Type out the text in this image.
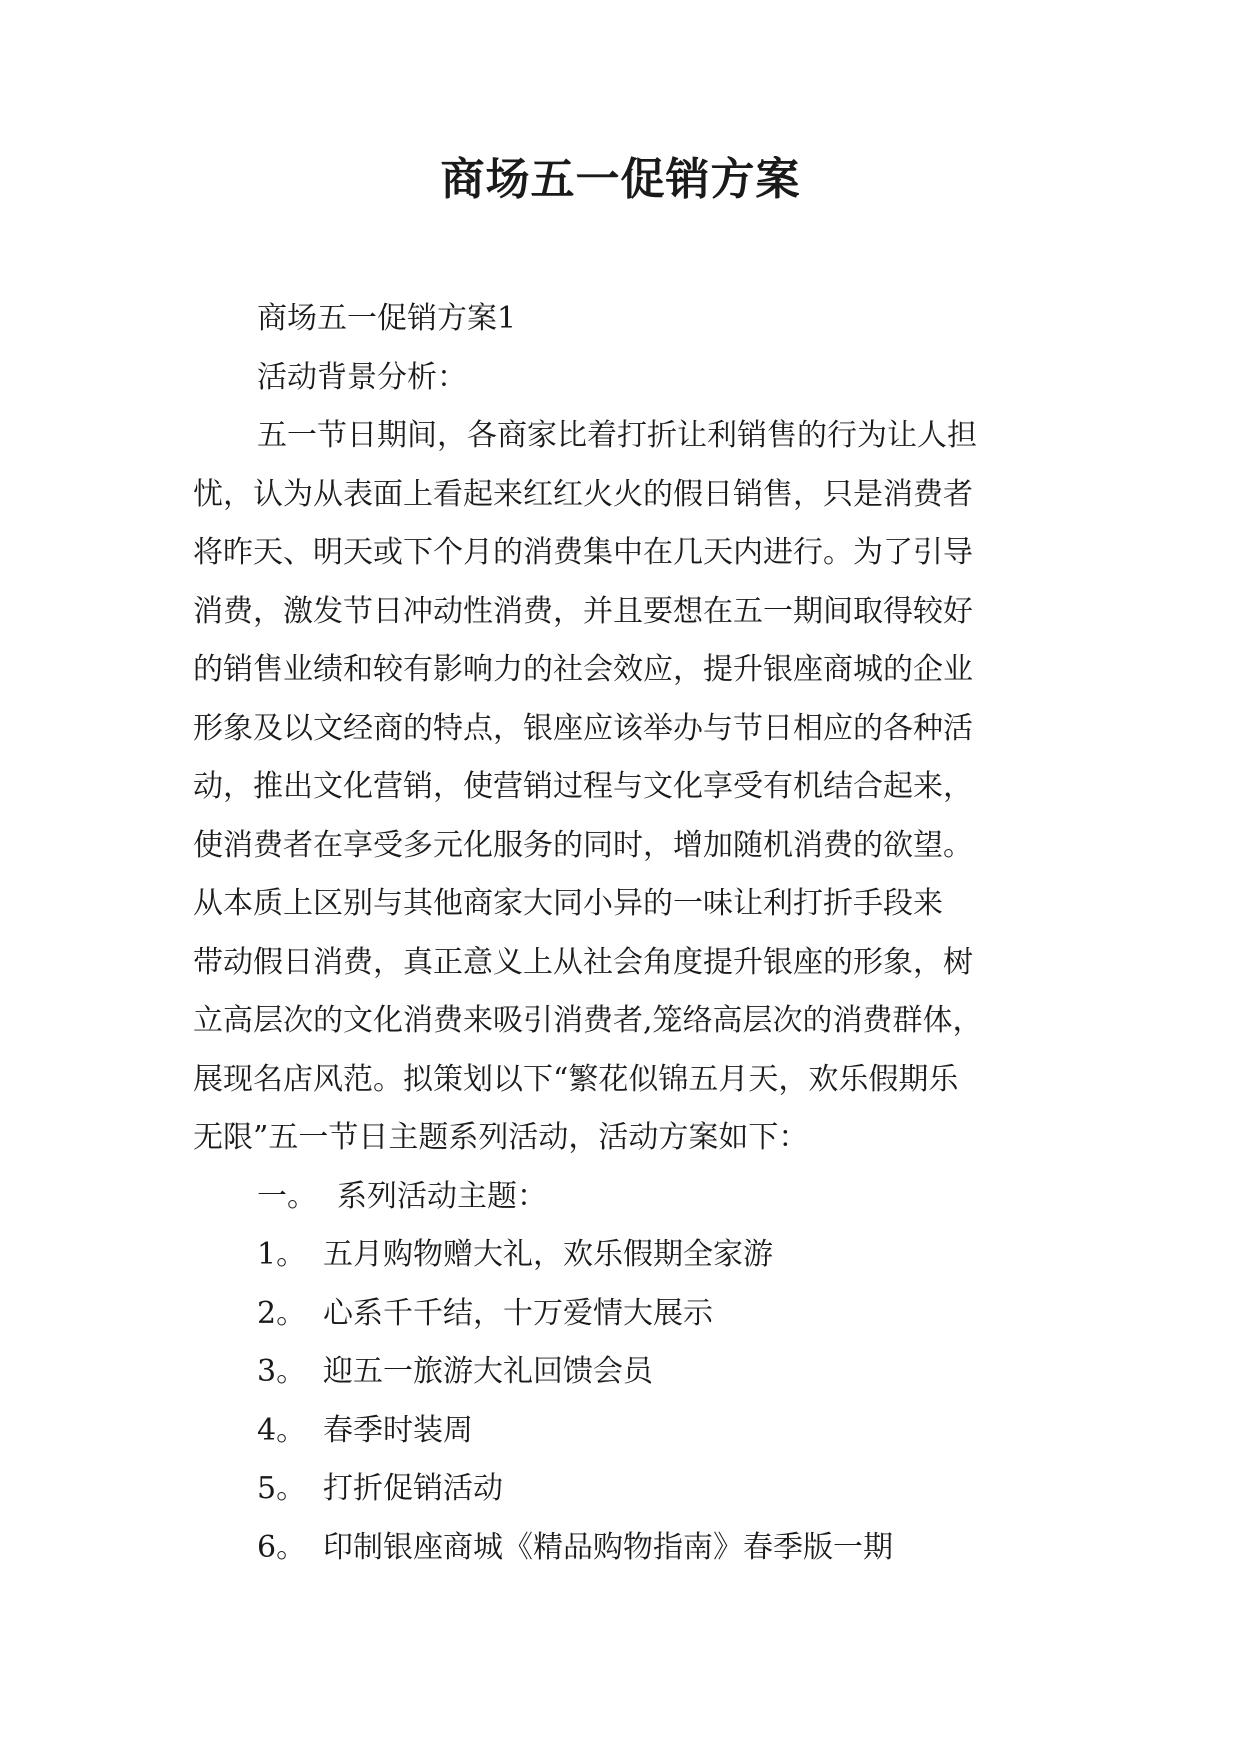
商场五一促销方案
商场五一促销方案1
活动背景分析：
五一节日期间，各商家比着打折让利销售的行为让人担
忧，认为从表面上看起来红红火火的假日销售，只是消费者
将昨天、明天或下个月的消费集中在几天内进行。为了引导
消费，激发节日冲动性消费，并且要想在五一期间取得较好
的销售业绩和较有影响力的社会效应，提升银座商城的企业
形象及以文经商的特点，银座应该举办与节日相应的各种活
动，推出文化营销，使营销过程与文化享受有机结合起来，
使消费者在享受多元化服务的同时，增加随机消费的欲望。
从本质上区别与其他商家大同小异的一味让利打折手段来
带动假日消费，真正意义上从社会角度提升银座的形象，树
立高层次的文化消费来吸引消费者,笼络高层次的消费群体，
展现名店风范。拟策划以下“繁花似锦五月天，欢乐假期乐
无限”五一节日主题系列活动，活动方案如下：
一。 系列活动主题：
1。 五月购物赠大礼，欢乐假期全家游
2。 心系千千结，十万爱情大展示
3。 迎五一旅游大礼回馈会员
4。 春季时装周
5。 打折促销活动
6。 印制银座商城《精品购物指南》春季版一期
